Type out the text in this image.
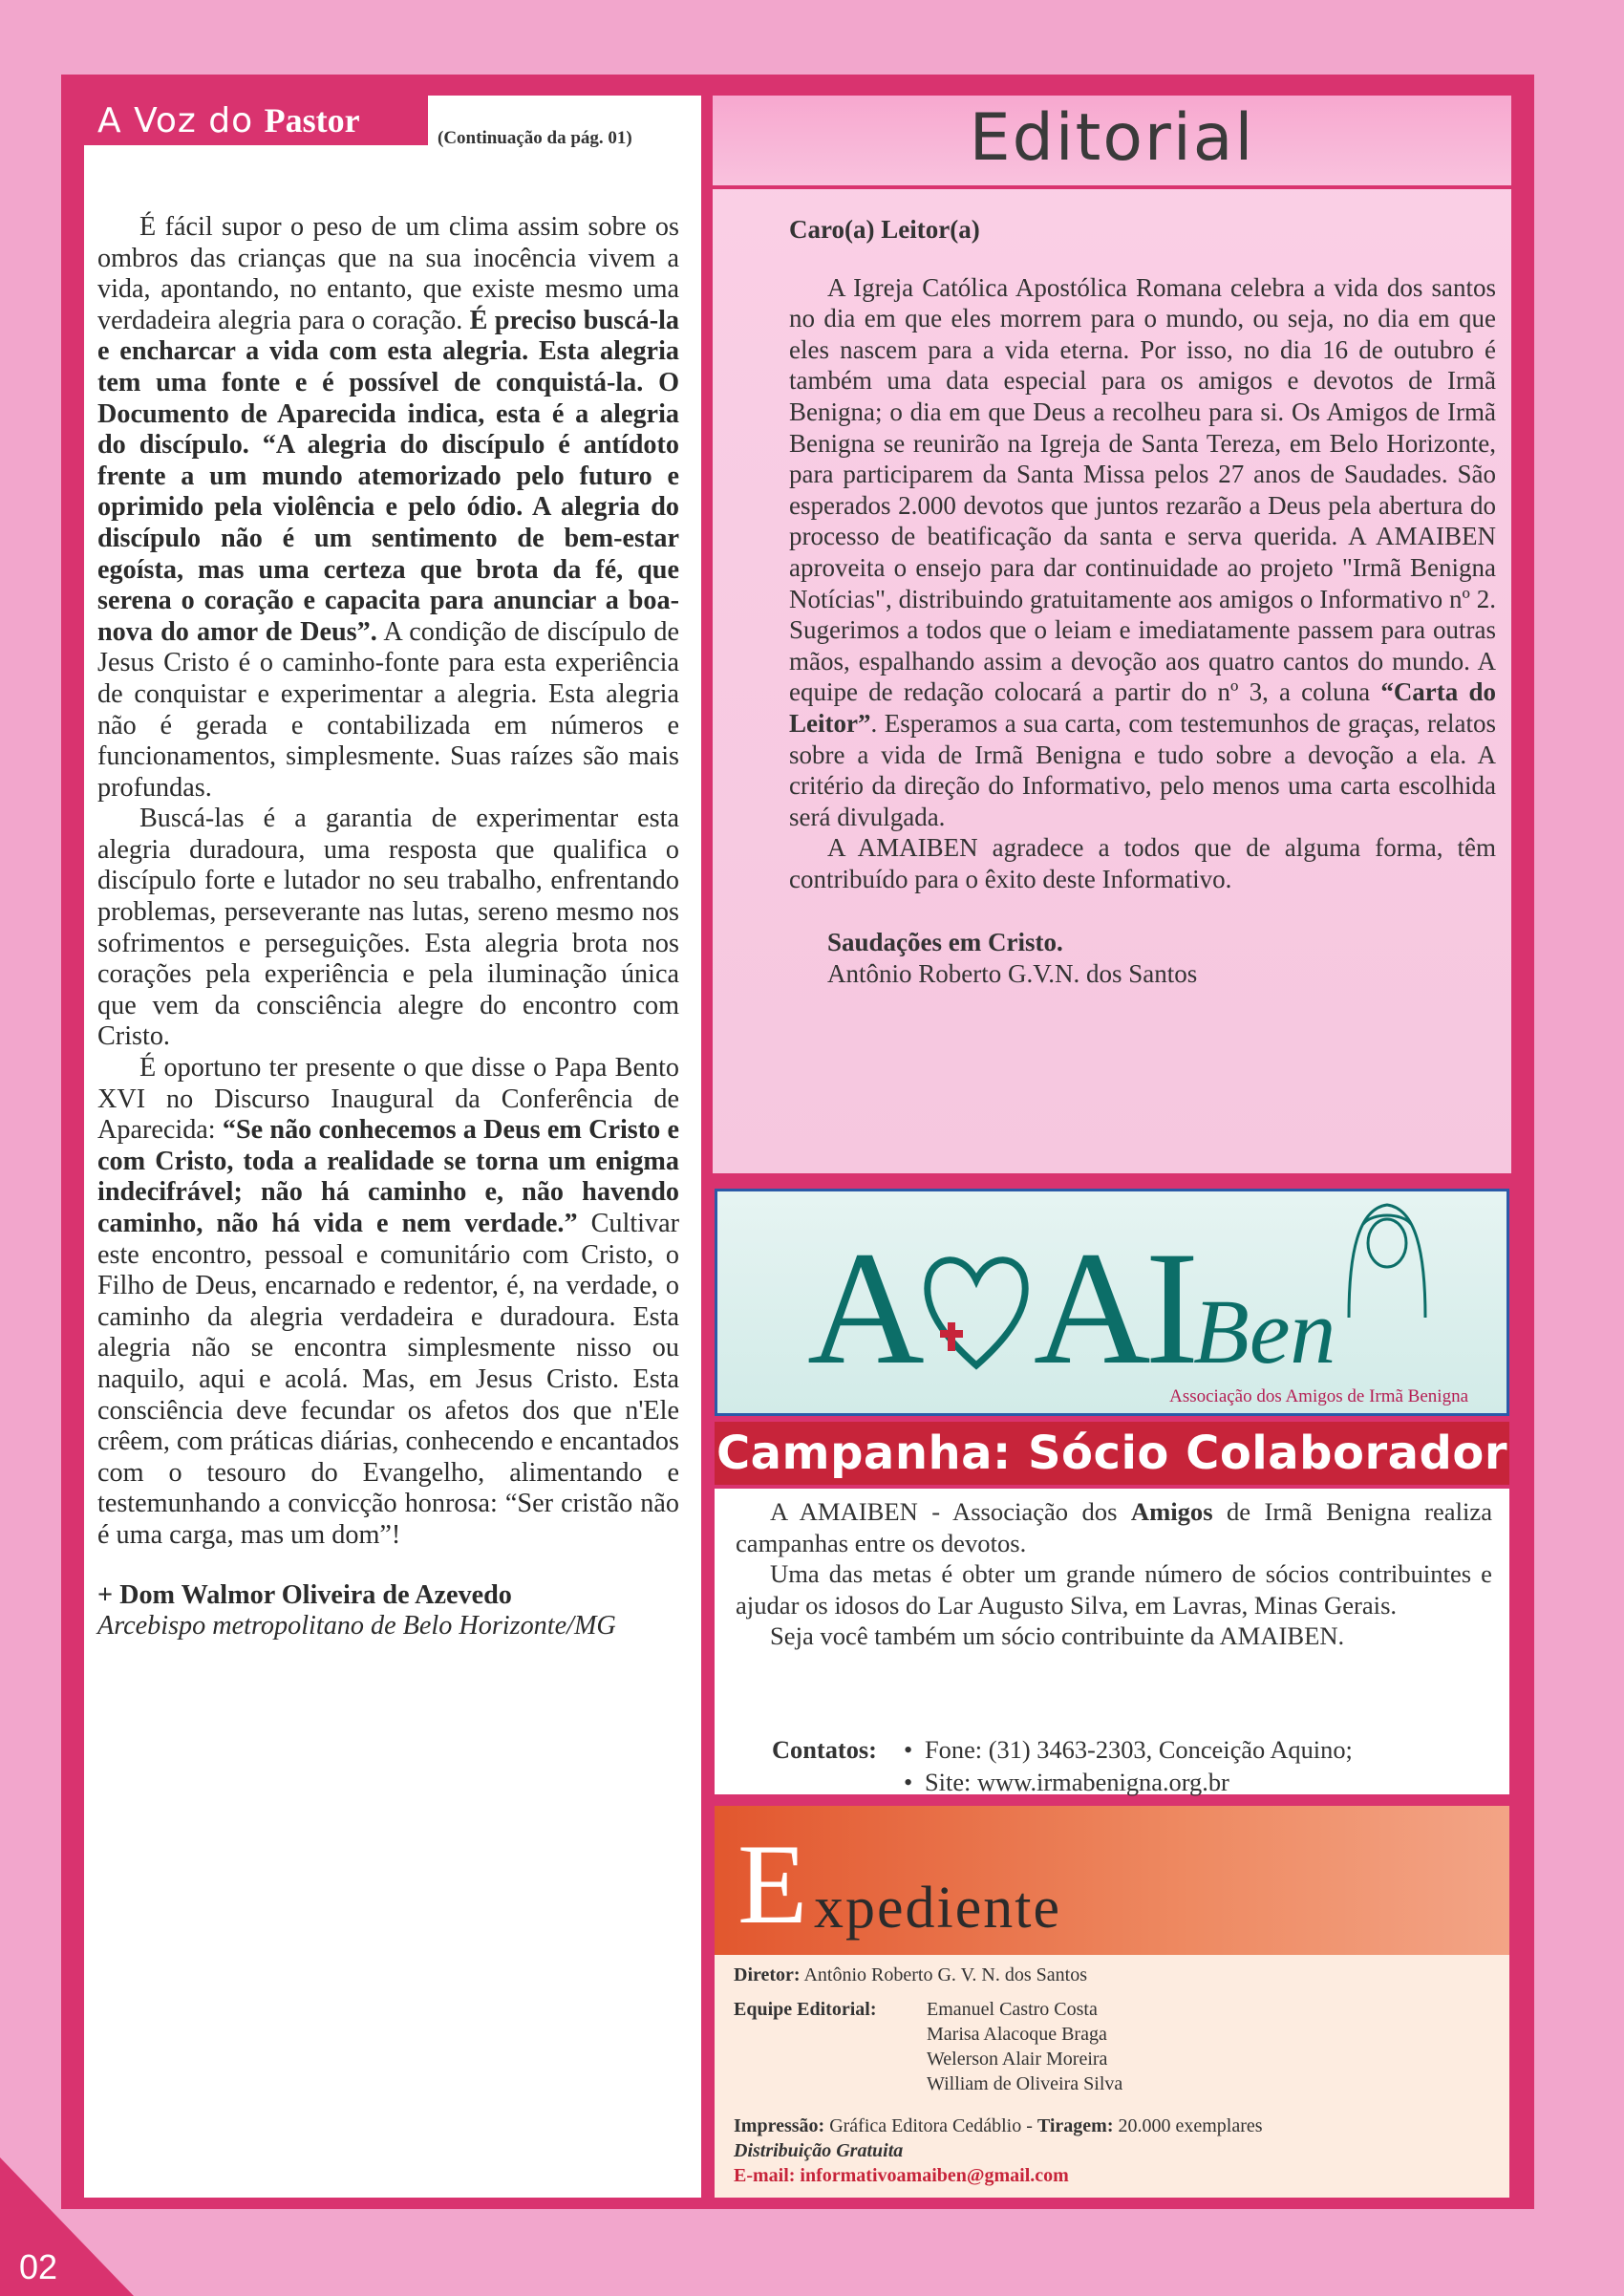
A Voz do Pastor	(Continuação da pág. 01)

É fácil supor o peso de um clima assim sobre os ombros das crianças que na sua inocência vivem a vida, apontando, no entanto, que existe mesmo uma verdadeira alegria para o coração. É preciso buscá-la e encharcar a vida com esta alegria. Esta alegria tem uma fonte e é possível de conquistá-la. O Documento de Aparecida indica, esta é a alegria do discípulo. “A alegria do discípulo é antídoto frente a um mundo atemorizado pelo futuro e oprimido pela violência e pelo ódio. A alegria do discípulo não é um sentimento de bem-estar egoísta, mas uma certeza que brota da fé, que serena o coração e capacita para anunciar a boa-nova do amor de Deus”. A condição de discípulo de Jesus Cristo é o caminho-fonte para esta experiência de conquistar e experimentar a alegria. Esta alegria não é gerada e contabilizada em números e funcionamentos, simplesmente. Suas raízes são mais profundas.

Buscá-las é a garantia de experimentar esta alegria duradoura, uma resposta que qualifica o discípulo forte e lutador no seu trabalho, enfrentando problemas, perseverante nas lutas, sereno mesmo nos sofrimentos e perseguições. Esta alegria brota nos corações pela experiência e pela iluminação única que vem da consciência alegre do encontro com Cristo.

É oportuno ter presente o que disse o Papa Bento XVI no Discurso Inaugural da Conferência de Aparecida: “Se não conhecemos a Deus em Cristo e com Cristo, toda a realidade se torna um enigma indecifrável; não há caminho e, não havendo caminho, não há vida e nem verdade.” Cultivar este encontro, pessoal e comunitário com Cristo, o Filho de Deus, encarnado e redentor, é, na verdade, o caminho da alegria verdadeira e duradoura. Esta alegria não se encontra simplesmente nisso ou naquilo, aqui e acolá. Mas, em Jesus Cristo. Esta consciência deve fecundar os afetos dos que n'Ele crêem, com práticas diárias, conhecendo e encantados com o tesouro do Evangelho, alimentando e testemunhando a convicção honrosa: “Ser cristão não é uma carga, mas um dom”!

+ Dom Walmor Oliveira de Azevedo

Arcebispo metropolitano de Belo Horizonte/MG

Editorial

Caro(a) Leitor(a)

A Igreja Católica Apostólica Romana celebra a vida dos santos no dia em que eles morrem para o mundo, ou seja, no dia em que eles nascem para a vida eterna. Por isso, no dia 16 de outubro é também uma data especial para os amigos e devotos de Irmã Benigna; o dia em que Deus a recolheu para si. Os Amigos de Irmã Benigna se reunirão na Igreja de Santa Tereza, em Belo Horizonte, para participarem da Santa Missa pelos 27 anos de Saudades. São esperados 2.000 devotos que juntos rezarão a Deus pela abertura do processo de beatificação da santa e serva querida. A AMAIBEN aproveita o ensejo para dar continuidade ao projeto "Irmã Benigna Notícias", distribuindo gratuitamente aos amigos o Informativo nº 2. Sugerimos a todos que o leiam e imediatamente passem para outras mãos, espalhando assim a devoção aos quatro cantos do mundo. A equipe de redação colocará a partir do nº 3, a coluna “Carta do Leitor”. Esperamos a sua carta, com testemunhos de graças, relatos sobre a vida de Irmã Benigna e tudo sobre a devoção a ela. A critério da direção do Informativo, pelo menos uma carta escolhida será divulgada.

A AMAIBEN agradece a todos que de alguma forma, têm contribuído para o êxito deste Informativo.

Saudações em Cristo.

Antônio Roberto G.V.N. dos Santos

A AIBen
Associação dos Amigos de Irmã Benigna
Campanha: Sócio Colaborador

A AMAIBEN - Associação dos Amigos de Irmã Benigna realiza campanhas entre os devotos.

Uma das metas é obter um grande número de sócios contribuintes e ajudar os idosos do Lar Augusto Silva, em Lavras, Minas Gerais.

Seja você também um sócio contribuinte da AMAIBEN.

Contatos: • Fone: (31) 3463-2303, Conceição Aquino;
• Site: www.irmabenigna.org.br
E xpediente
Diretor: Antônio Roberto G. V. N. dos Santos
Equipe Editorial:	Emanuel Castro Costa
Marisa Alacoque Braga
Welerson Alair Moreira
William de Oliveira Silva
Impressão: Gráfica Editora Cedáblio - Tiragem: 20.000 exemplares
Distribuição Gratuita
E-mail: informativoamaiben@gmail.com
02
